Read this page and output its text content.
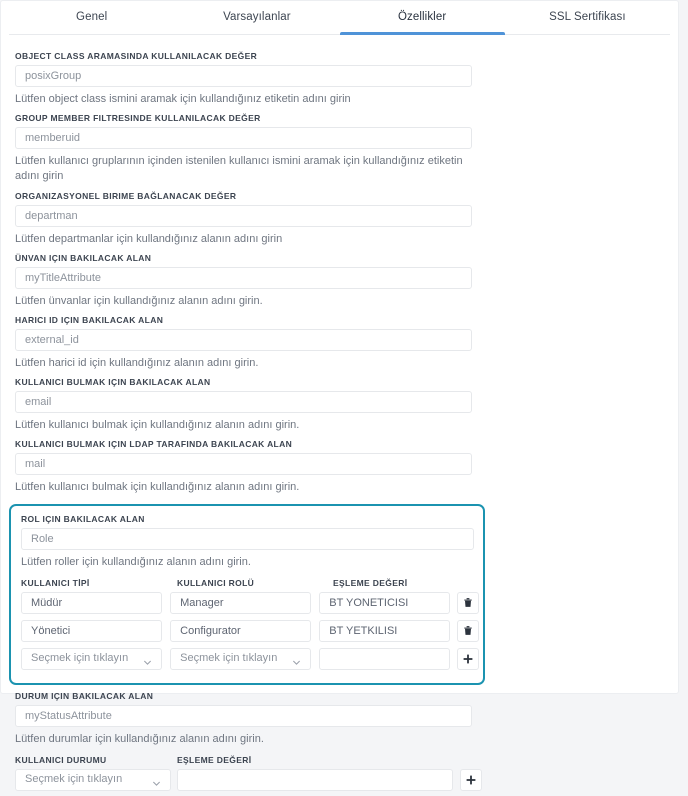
Genel	Varsayılanlar	Özellikler	SSL Sertifikası
OBJECT CLASS ARAMASINDA KULLANILACAK DEĞER
posixGroup
Lütfen object class ismini aramak için kullandığınız etiketin adını girin
GROUP MEMBER FILTRESINDE KULLANILACAK DEĞER
memberuid
Lütfen kullanıcı gruplarının içinden istenilen kullanıcı ismini aramak için kullandığınız etiketin adını girin
ORGANIZASYONEL BIRIME BAĞLANACAK DEĞER
departman
Lütfen departmanlar için kullandığınız alanın adını girin
ÜNVAN IÇIN BAKILACAK ALAN
myTitleAttribute
Lütfen ünvanlar için kullandığınız alanın adını girin.
HARICI ID IÇIN BAKILACAK ALAN
external_id
Lütfen harici id için kullandığınız alanın adını girin.
KULLANICI BULMAK IÇIN BAKILACAK ALAN
email
Lütfen kullanıcı bulmak için kullandığınız alanın adını girin.
KULLANICI BULMAK IÇIN LDAP TARAFINDA BAKILACAK ALAN
mail
Lütfen kullanıcı bulmak için kullandığınız alanın adını girin.
ROL IÇIN BAKILACAK ALAN
Role
Lütfen roller için kullandığınız alanın adını girin.
KULLANICI TİPİ	KULLANICI ROLÜ	EŞLEME DEĞERİ
Müdür	Manager	BT YONETICISI
Yönetici	Configurator	BT YETKILISI
Seçmek için tıklayın	Seçmek için tıklayın
DURUM IÇIN BAKILACAK ALAN
myStatusAttribute
Lütfen durumlar için kullandığınız alanın adını girin.
KULLANICI DURUMU	EŞLEME DEĞERİ
Seçmek için tıklayın
